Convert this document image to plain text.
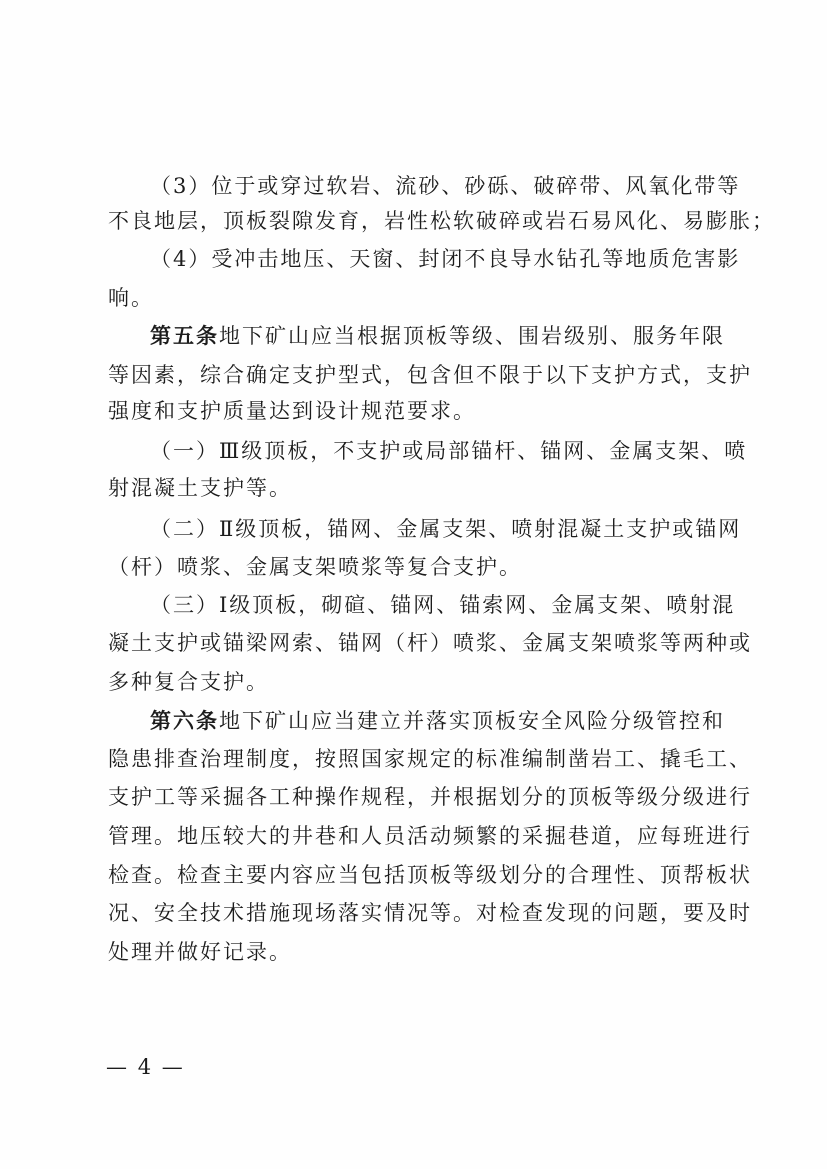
（3）位于或穿过软岩、流砂、砂砾、破碎带、风氧化带等
不良地层，顶板裂隙发育，岩性松软破碎或岩石易风化、易膨胀；
（4）受冲击地压、天窗、封闭不良导水钻孔等地质危害影
响。
第五条地下矿山应当根据顶板等级、围岩级别、服务年限
等因素，综合确定支护型式，包含但不限于以下支护方式，支护
强度和支护质量达到设计规范要求。
（一）Ⅲ级顶板，不支护或局部锚杆、锚网、金属支架、喷
射混凝土支护等。
（二）Ⅱ级顶板，锚网、金属支架、喷射混凝土支护或锚网
（杆）喷浆、金属支架喷浆等复合支护。
（三）Ⅰ级顶板，砌碹、锚网、锚索网、金属支架、喷射混
凝土支护或锚梁网索、锚网（杆）喷浆、金属支架喷浆等两种或
多种复合支护。
第六条地下矿山应当建立并落实顶板安全风险分级管控和
隐患排查治理制度，按照国家规定的标准编制凿岩工、撬毛工、
支护工等采掘各工种操作规程，并根据划分的顶板等级分级进行
管理。地压较大的井巷和人员活动频繁的采掘巷道，应每班进行
检查。检查主要内容应当包括顶板等级划分的合理性、顶帮板状
况、安全技术措施现场落实情况等。对检查发现的问题，要及时
处理并做好记录。
— 4 —
